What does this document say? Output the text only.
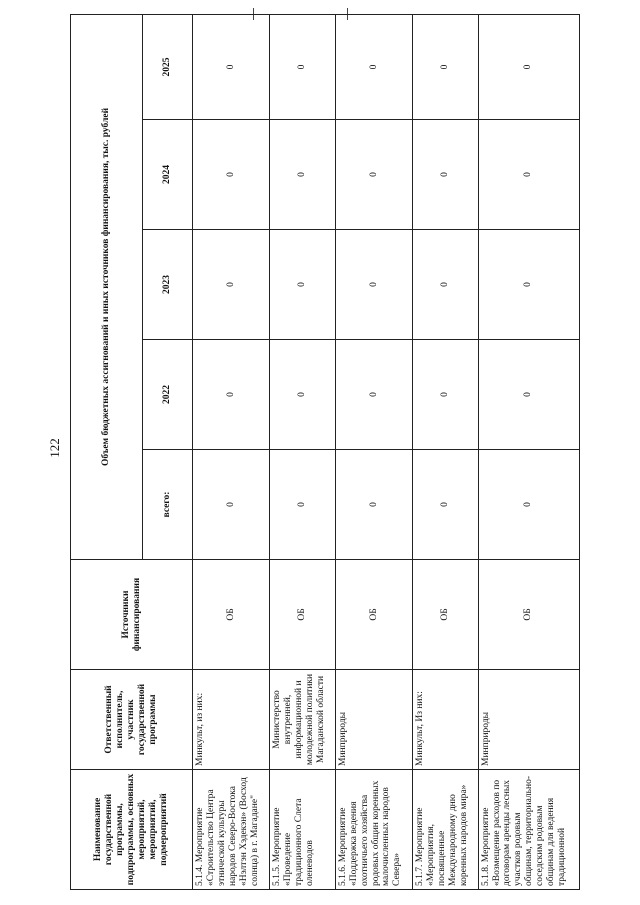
122
Наименование государственной программы, подпрограммы, основных мероприятий, мероприятий, подмероприятий	Ответственный исполнитель, участник государственной программы	Источники финансирования	Объем бюджетных ассигнований и иных источников финансирования, тыс. рублей				
			всего:	2022	2023	2024	2025
5.1.4. Мероприятие «Строительство Центра этнической культуры народов Северо-Востока «Нэлтэн Хэдекэн» (Восход солнца) в г. Магадане"	Минкульт, из них:	ОБ	0	0	0	0	0
5.1.5. Мероприятие «Проведение традиционного Слета оленеводов	Министерство внутренней, информационной и молодежной политики Магаданской области	ОБ	0	0	0	0	0
5.1.6. Мероприятие «Поддержка ведения охотничьего хозяйства родовых общин коренных малочисленных народов Севера»	Минприроды	ОБ	0	0	0	0	0
5.1.7. Мероприятие «Мероприятия, посвященные Международному дню коренных народов мира»	Минкульт, Из них:	ОБ	0	0	0	0	0
5.1.8. Мероприятие «Возмещение расходов по договорам аренды лесных участков родовым общинам, территориально-соседским родовым общинам для ведения традиционной	Минприроды	ОБ	0	0	0	0	0
